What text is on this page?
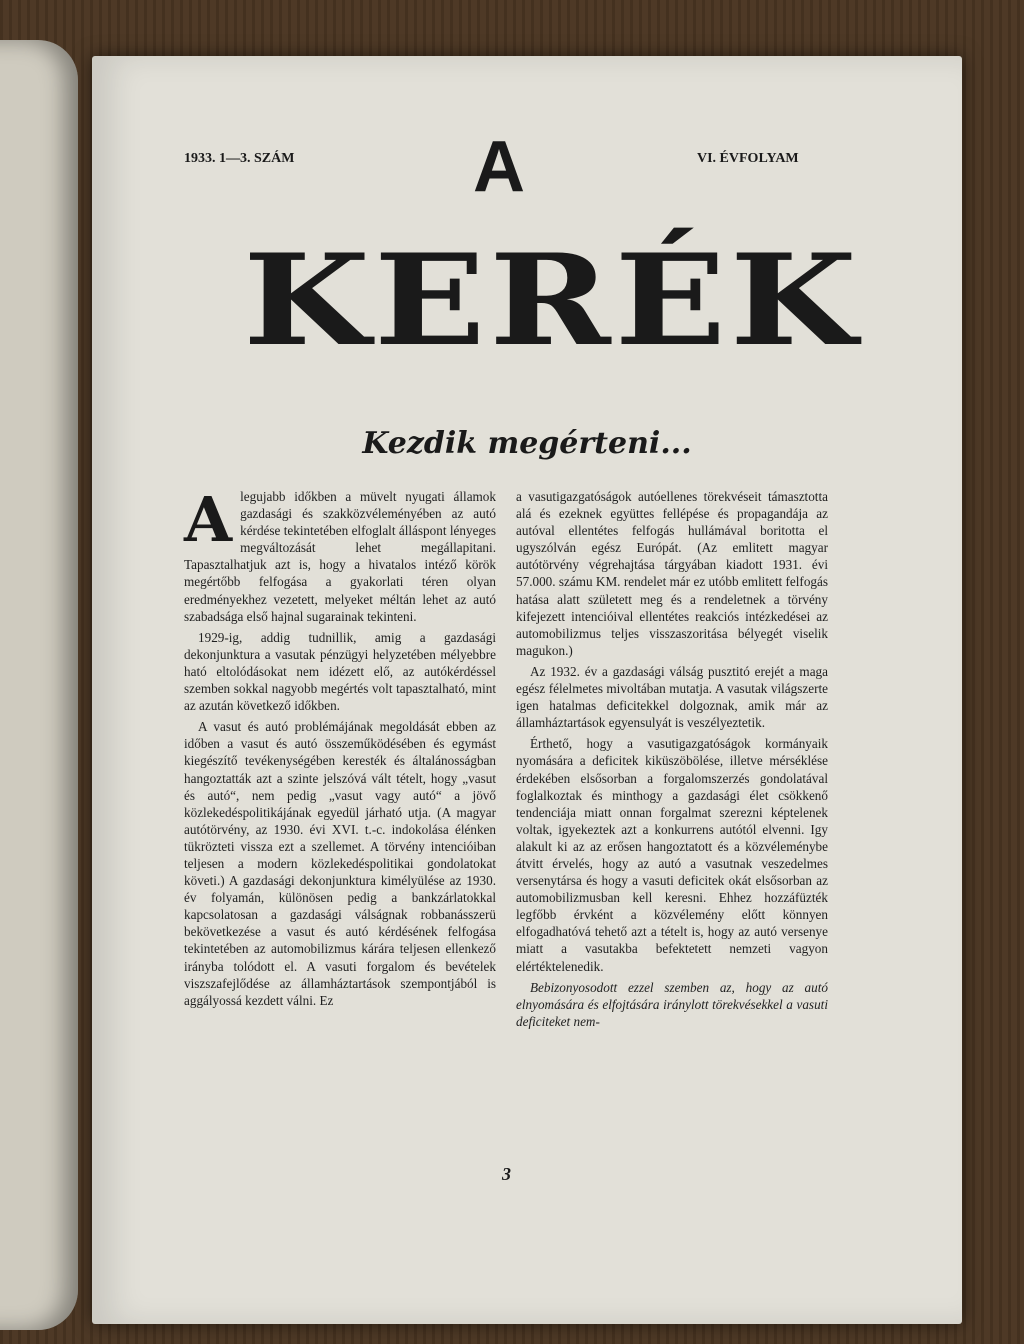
1933. 1—3. SZÁM	VI. ÉVFOLYAM
A
KERÉK
Kezdik megérteni...

Alegujabb időkben a müvelt nyugati államok gazdasági és szakközvéleményében az autó kérdése tekintetében elfoglalt álláspont lényeges megváltozását lehet megállapitani. Tapasztalhatjuk azt is, hogy a hivatalos intéző körök megértőbb felfogása a gyakorlati téren olyan eredményekhez vezetett, melyeket méltán lehet az autó szabadsága első hajnal sugarainak tekinteni.

1929-ig, addig tudnillik, amig a gazdasági dekonjunktura a vasutak pénzügyi helyzetében mélyebbre ható eltolódásokat nem idézett elő, az autókérdéssel szemben sokkal nagyobb megértés volt tapasztalható, mint az azután következő időkben.

A vasut és autó problémájának megoldását ebben az időben a vasut és autó összeműködésében és egymást kiegészítő tevékenységében keresték és általánosságban hangoztatták azt a szinte jelszóvá vált tételt, hogy „vasut és autó“, nem pedig „vasut vagy autó“ a jövő közlekedéspolitikájának egyedül járható utja. (A magyar autótörvény, az 1930. évi XVI. t.-c. indokolása élénken tükrözteti vissza ezt a szellemet. A törvény intencióiban teljesen a modern közlekedéspolitikai gondolatokat követi.) A gazdasági dekonjunktura kimélyülése az 1930. év folyamán, különösen pedig a bankzárlatokkal kapcsolatosan a gazdasági válságnak robbanásszerü bekövetkezése a vasut és autó kérdésének felfogása tekintetében az automobilizmus kárára teljesen ellenkező irányba tolódott el. A vasuti forgalom és bevételek viszszafejlődése az államháztartások szempontjából is aggályossá kezdett válni. Ez

a vasutigazgatóságok autóellenes törekvéseit támasztotta alá és ezeknek együttes fellépése és propagandája az autóval ellentétes felfogás hullámával boritotta el ugyszólván egész Európát. (Az emlitett magyar autótörvény végrehajtása tárgyában kiadott 1931. évi 57.000. számu KM. rendelet már ez utóbb emlitett felfogás hatása alatt született meg és a rendeletnek a törvény kifejezett intencióival ellentétes reakciós intézkedései az automobilizmus teljes visszaszoritása bélyegét viselik magukon.)

Az 1932. év a gazdasági válság pusztitó erejét a maga egész félelmetes mivoltában mutatja. A vasutak világszerte igen hatalmas deficitekkel dolgoznak, amik már az államháztartások egyensulyát is veszélyeztetik.

Érthető, hogy a vasutigazgatóságok kormányaik nyomására a deficitek kiküszöbölése, illetve mérséklése érdekében elsősorban a forgalomszerzés gondolatával foglalkoztak és minthogy a gazdasági élet csökkenő tendenciája miatt onnan forgalmat szerezni képtelenek voltak, igyekeztek azt a konkurrens autótól elvenni. Igy alakult ki az az erősen hangoztatott és a közvéleménybe átvitt érvelés, hogy az autó a vasutnak veszedelmes versenytársa és hogy a vasuti deficitek okát elsősorban az automobilizmusban kell keresni. Ehhez hozzáfüzték legfőbb érvként a közvélemény előtt könnyen elfogadhatóvá tehető azt a tételt is, hogy az autó versenye miatt a vasutakba befektetett nemzeti vagyon elértéktelenedik.

Bebizonyosodott ezzel szemben az, hogy az autó elnyomására és elfojtására iránylott törekvésekkel a vasuti deficiteket nem-

3
